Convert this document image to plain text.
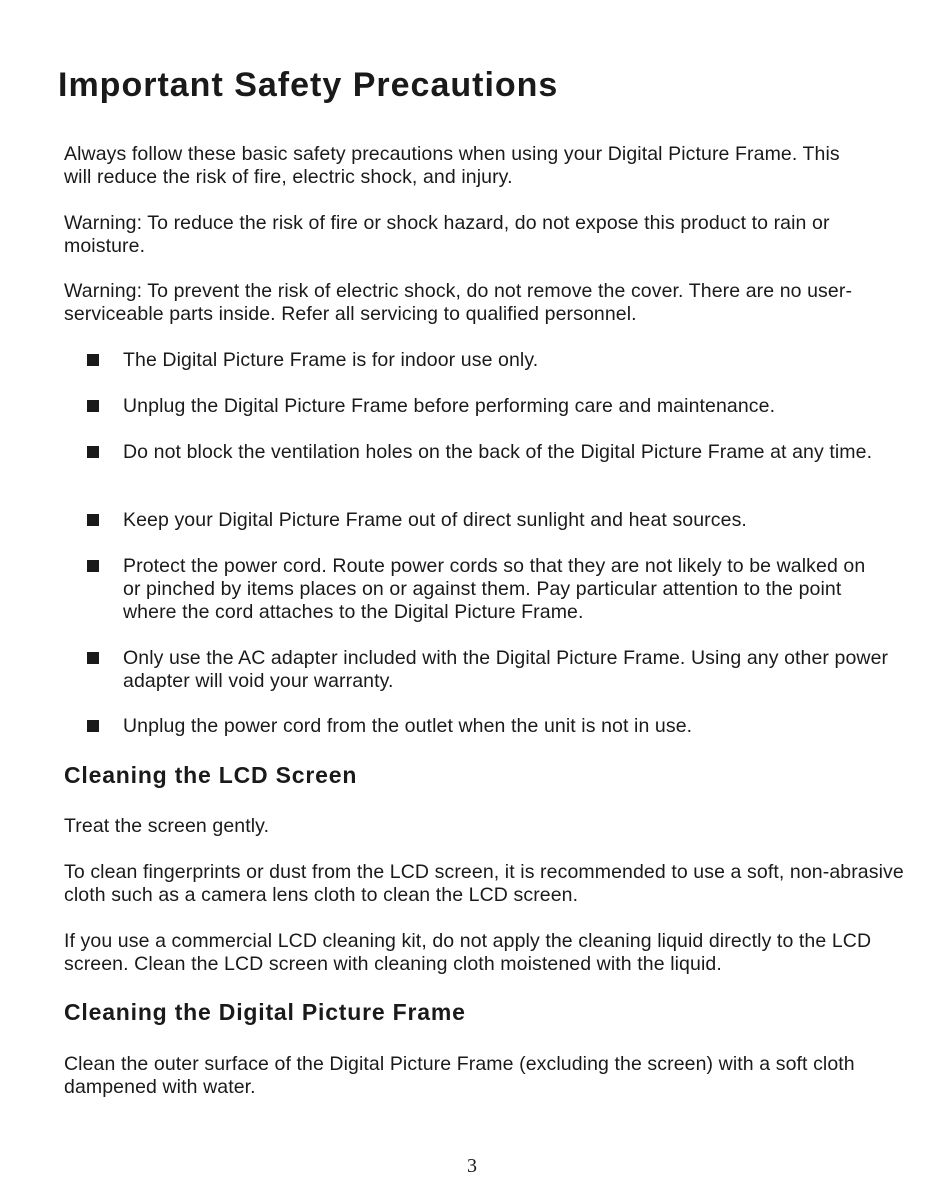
Important Safety Precautions

Always follow these basic safety precautions when using your Digital Picture Frame. This will reduce the risk of fire, electric shock, and injury.

Warning: To reduce the risk of fire or shock hazard, do not expose this product to rain or moisture.

Warning: To prevent the risk of electric shock, do not remove the cover. There are no user-serviceable parts inside. Refer all servicing to qualified personnel.

The Digital Picture Frame is for indoor use only.

Unplug the Digital Picture Frame before performing care and maintenance.

Do not block the ventilation holes on the back of the Digital Picture Frame at any time.

Keep your Digital Picture Frame out of direct sunlight and heat sources.

Protect the power cord. Route power cords so that they are not likely to be walked on or pinched by items places on or against them. Pay particular attention to the point where the cord attaches to the Digital Picture Frame.

Only use the AC adapter included with the Digital Picture Frame. Using any other power adapter will void your warranty.

Unplug the power cord from the outlet when the unit is not in use.

Cleaning the LCD Screen

Treat the screen gently.

To clean fingerprints or dust from the LCD screen, it is recommended to use a soft, non-abrasive cloth such as a camera lens cloth to clean the LCD screen.

If you use a commercial LCD cleaning kit, do not apply the cleaning liquid directly to the LCD screen. Clean the LCD screen with cleaning cloth moistened with the liquid.

Cleaning the Digital Picture Frame

Clean the outer surface of the Digital Picture Frame (excluding the screen) with a soft cloth dampened with water.

3
